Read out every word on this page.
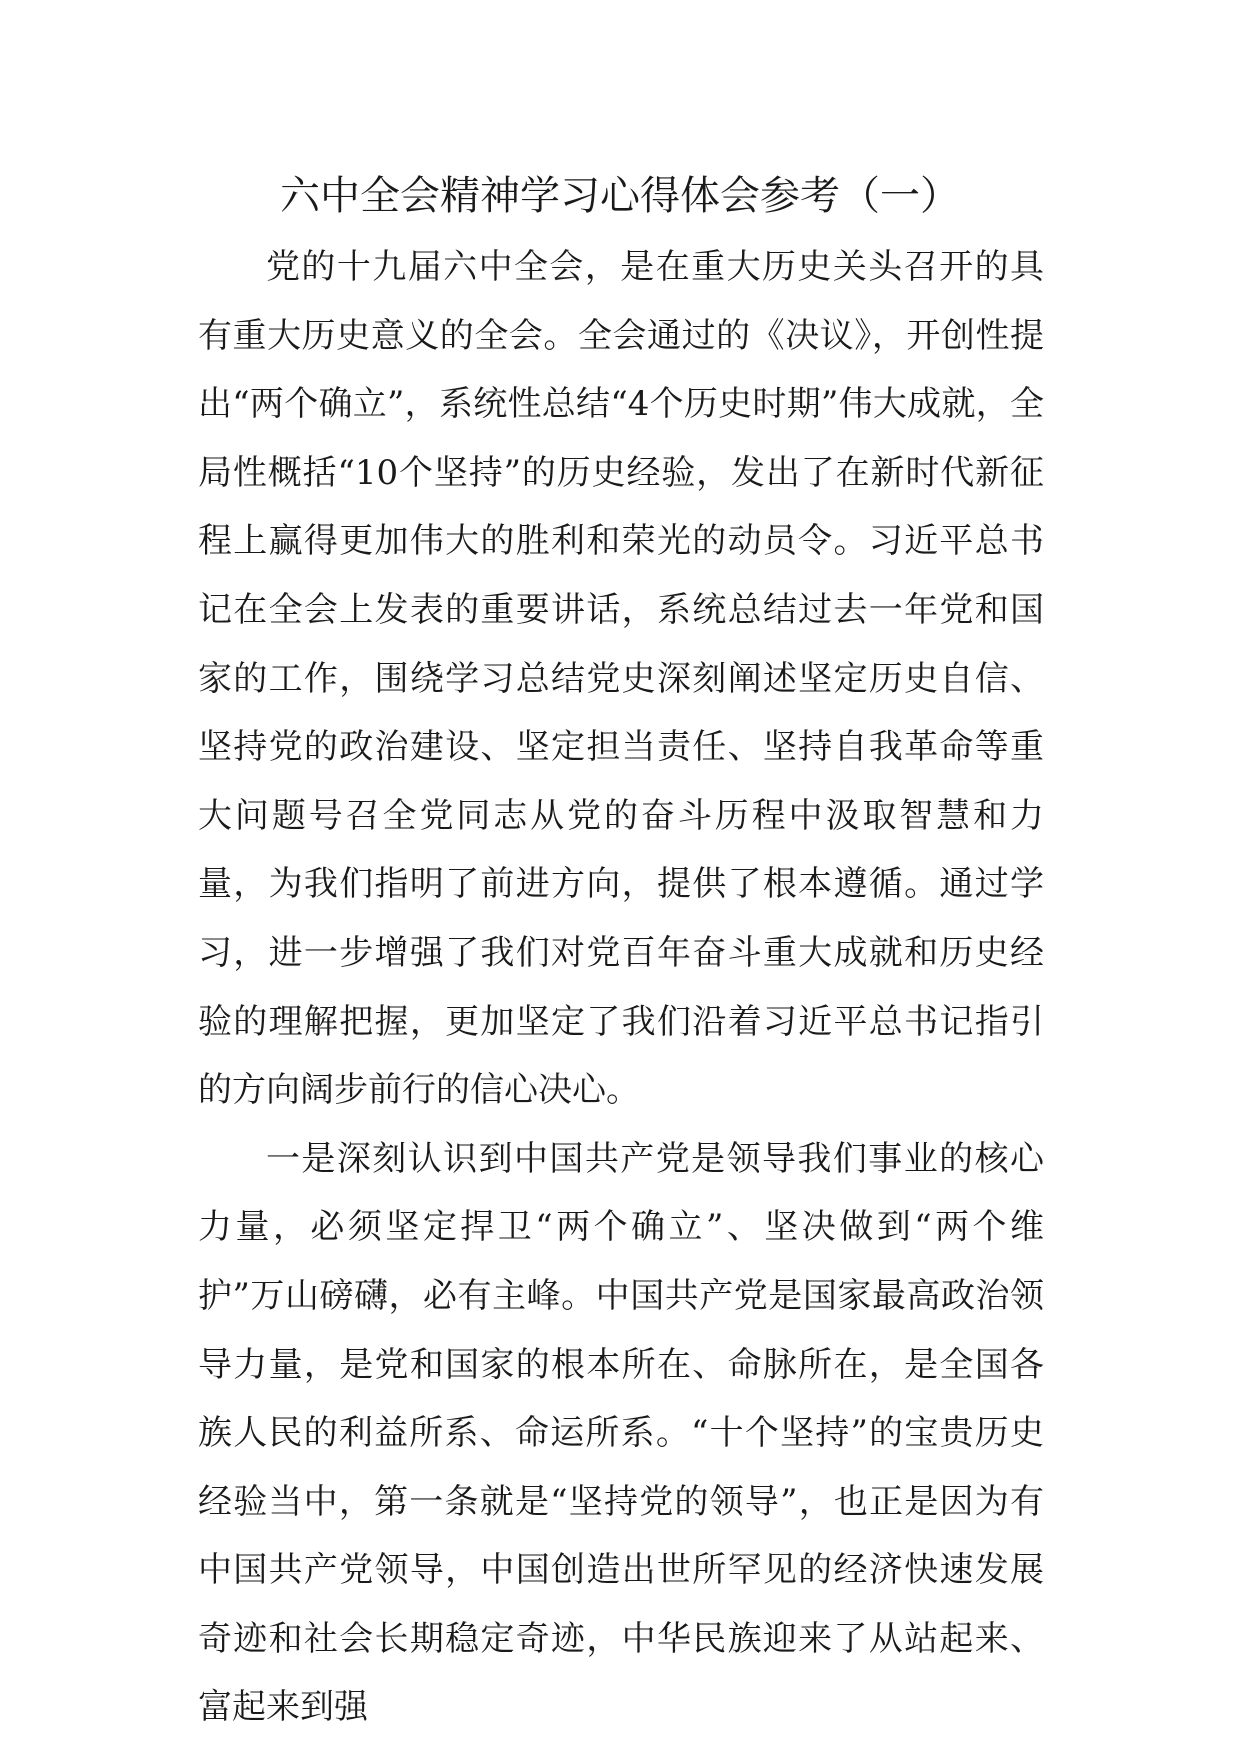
六中全会精神学习心得体会参考（一）

党的十九届六中全会，是在重大历史关头召开的具有重大历史意义的全会。全会通过的《决议》，开创性提出“两个确立”，系统性总结“4个历史时期”伟大成就，全局性概括“10个坚持”的历史经验，发出了在新时代新征程上赢得更加伟大的胜利和荣光的动员令。习近平总书记在全会上发表的重要讲话，系统总结过去一年党和国家的工作，围绕学习总结党史深刻阐述坚定历史自信、坚持党的政治建设、坚定担当责任、坚持自我革命等重大问题号召全党同志从党的奋斗历程中汲取智慧和力量，为我们指明了前进方向，提供了根本遵循。通过学习，进一步增强了我们对党百年奋斗重大成就和历史经验的理解把握，更加坚定了我们沿着习近平总书记指引的方向阔步前行的信心决心。

一是深刻认识到中国共产党是领导我们事业的核心力量，必须坚定捍卫“两个确立”、坚决做到“两个维护”万山磅礴，必有主峰。中国共产党是国家最高政治领导力量，是党和国家的根本所在、命脉所在，是全国各族人民的利益所系、命运所系。“十个坚持”的宝贵历史经验当中，第一条就是“坚持党的领导”，也正是因为有中国共产党领导，中国创造出世所罕见的经济快速发展奇迹和社会长期稳定奇迹，中华民族迎来了从站起来、富起来到强
